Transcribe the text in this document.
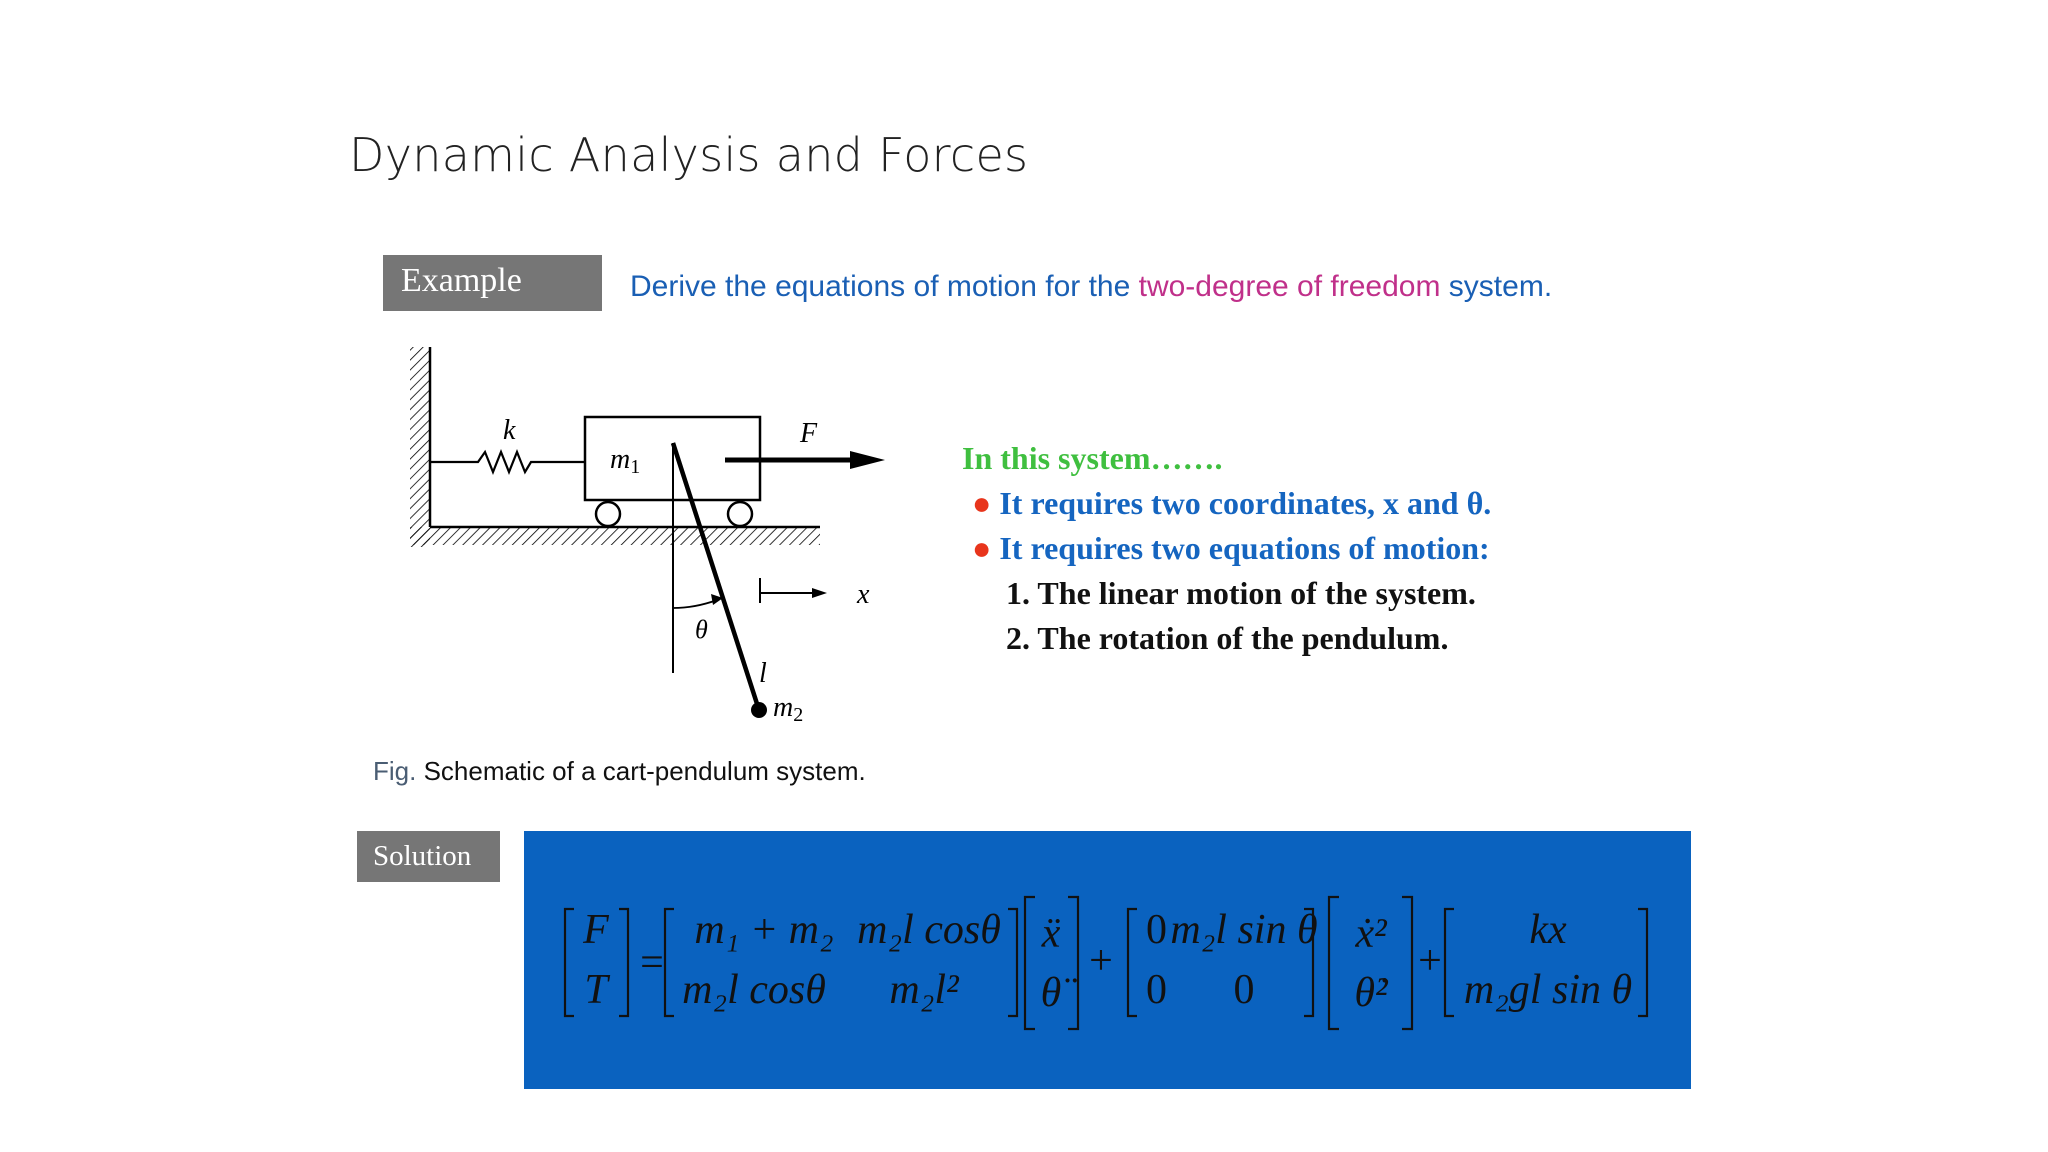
Dynamic Analysis and Forces
Example	Derive the equations of motion for the two-degree of freedom system.
k
m1
F
l
m2
θ
x
In this system…….
● It requires two coordinates, x and θ.
● It requires two equations of motion:
1. The linear motion of the system.
2. The rotation of the pendulum.
Fig. Schematic of a cart-pendulum system.
Solution
F
T
=
m₁ + m₂ m₂l cosθ
m₂l cosθ m₂l²
ẍ
θ̈
+
0 m₂l sin θ
0 0
ẋ²
θ̇²
+
kx
m₂gl sin θ
